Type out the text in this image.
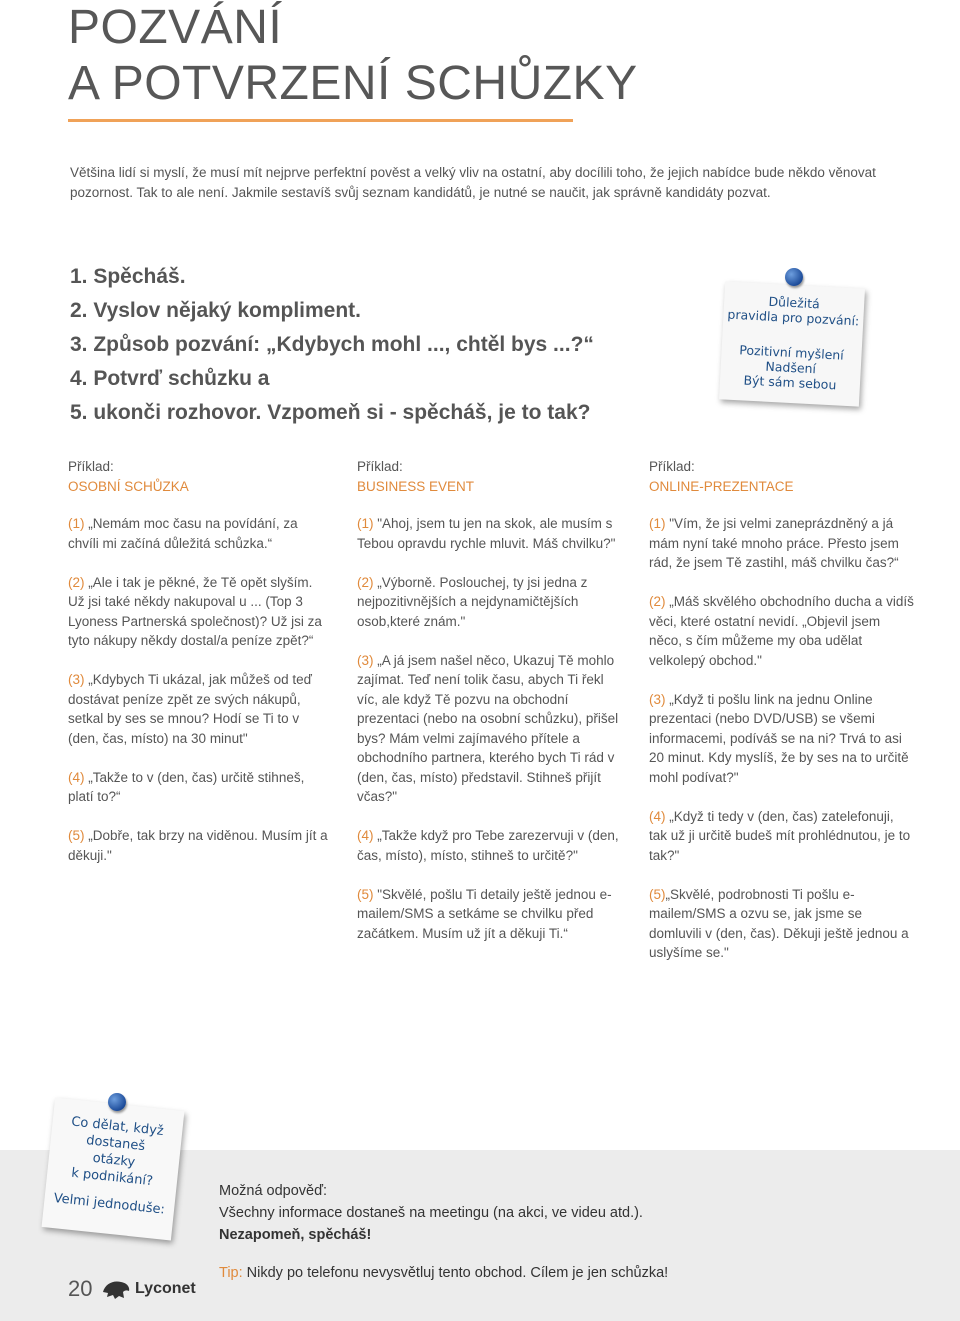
POZVÁNÍ
A POTVRZENÍ SCHŮZKY

Většina lidí si myslí, že musí mít nejprve perfektní pověst a velký vliv na ostatní, aby docílili toho, že jejich nabídce bude někdo věnovat pozornost. Tak to ale není. Jakmile sestavíš svůj seznam kandidátů, je nutné se naučit, jak správně kandidáty pozvat.

1. Spěcháš.
2. Vyslov nějaký kompliment.
3. Způsob pozvání: „Kdybych mohl ..., chtěl bys ...?“
4. Potvrď schůzku a
5. ukonči rozhovor. Vzpomeň si - spěcháš, je to tak?
Důležitá
pravidla pro pozvání:
Pozitivní myšlení
Nadšení
Být sám sebou
Příklad:
OSOBNÍ SCHŮZKA

(1) „Nemám moc času na povídání, za chvíli mi začíná důležitá schůzka.“

(2) „Ale i tak je pěkné, že Tě opět slyším. Už jsi také někdy nakupoval u ... (Top 3 Lyoness Partnerská společnost)? Už jsi za tyto nákupy někdy dostal/a peníze zpět?“

(3) „Kdybych Ti ukázal, jak můžeš od teď dostávat peníze zpět ze svých nákupů, setkal by ses se mnou? Hodí se Ti to v (den, čas, místo) na 30 minut"

(4) „Takže to v (den, čas) určitě stihneš, platí to?“

(5) „Dobře, tak brzy na viděnou. Musím jít a děkuji."

Příklad:
BUSINESS EVENT

(1) "Ahoj, jsem tu jen na skok, ale musím s Tebou opravdu rychle mluvit. Máš chvilku?"

(2) „Výborně. Poslouchej, ty jsi jedna z nejpozitivnějších a nejdynamičtějších osob,které znám."

(3) „A já jsem našel něco, Ukazuj Tě mohlo zajímat. Teď není tolik času, abych Ti řekl víc, ale když Tě pozvu na obchodní prezentaci (nebo na osobní schůzku), přišel bys? Mám velmi zajímavého přítele a obchodního partnera, kterého bych Ti rád v (den, čas, místo) představil. Stihneš přijít včas?"

(4) „Takže když pro Tebe zarezervuji v (den, čas, místo), místo, stihneš to určitě?"

(5) "Skvělé, pošlu Ti detaily ještě jednou e-mailem/SMS a setkáme se chvilku před začátkem. Musím už jít a děkuji Ti.“

Příklad:
ONLINE-PREZENTACE

(1) "Vím, že jsi velmi zaneprázdněný a já mám nyní také mnoho práce. Přesto jsem rád, že jsem Tě zastihl, máš chvilku čas?“

(2) „Máš skvělého obchodního ducha a vidíš věci, které ostatní nevidí. „Objevil jsem něco, s čím můžeme my oba udělat velkolepý obchod."

(3) „Když ti pošlu link na jednu Online prezentaci (nebo DVD/USB) se všemi informacemi, podíváš se na ni? Trvá to asi 20 minut. Kdy myslíš, že by ses na to určitě mohl podívat?"

(4) „Když ti tedy v (den, čas) zatelefonuji, tak už ji určitě budeš mít prohlédnutou, je to tak?"

(5)„Skvělé, podrobnosti Ti pošlu e-mailem/SMS a ozvu se, jak jsme se domluvili v (den, čas). Děkuji ještě jednou a uslyšíme se."

Co dělat, když
dostaneš
otázky
k podnikání?
Velmi jednoduše:
Možná odpověď:
Všechny informace dostaneš na meetingu (na akci, ve videu atd.).
Nezapomeň, spěcháš!
Tip: Nikdy po telefonu nevysvětluj tento obchod. Cílem je jen schůzka!
20	Lyconet
